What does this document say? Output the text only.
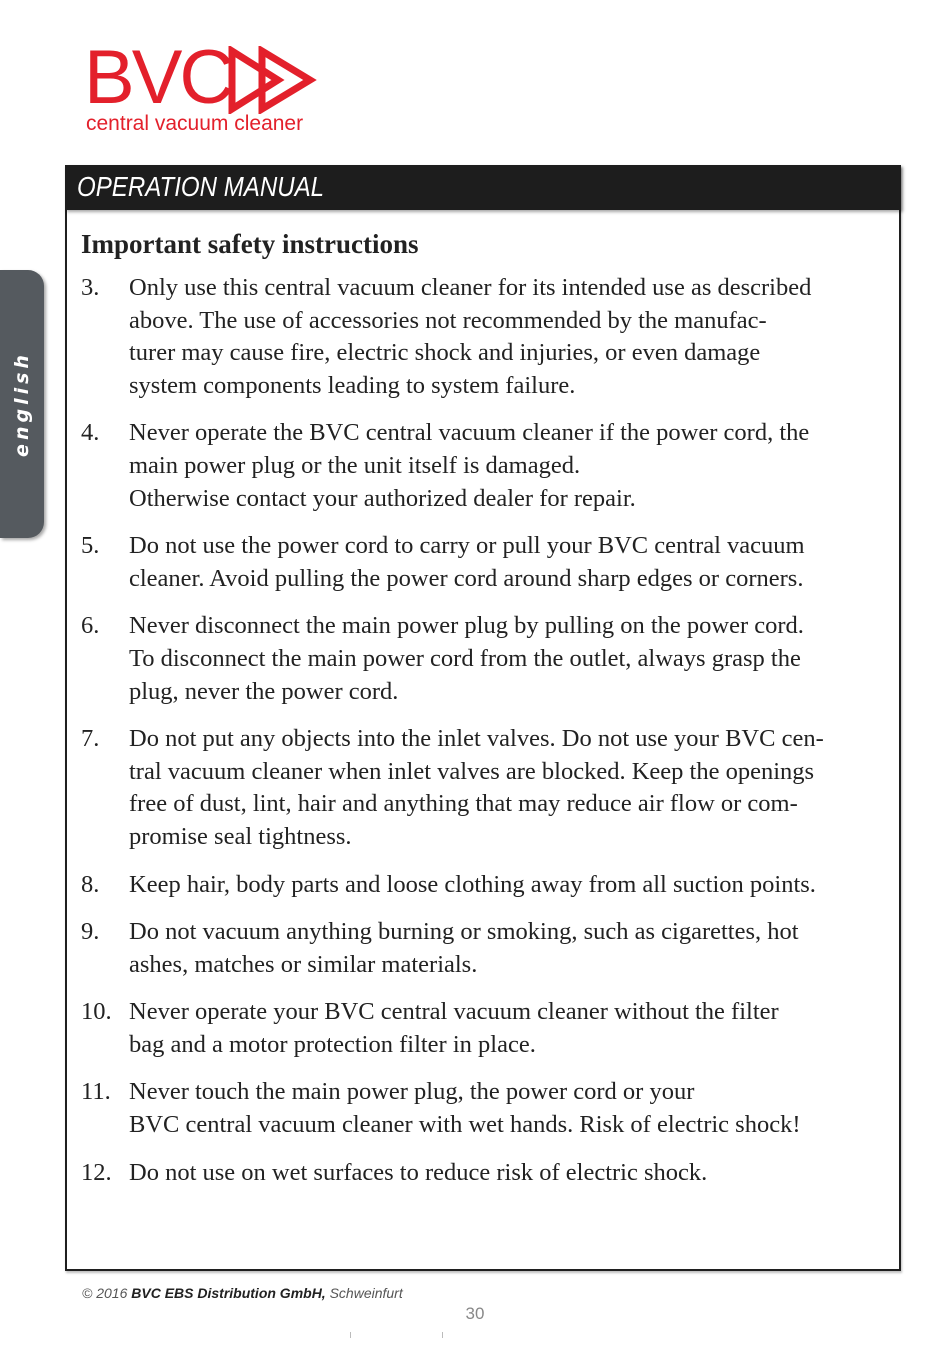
BVC
central vacuum cleaner
english
OPERATION MANUAL
Important safety instructions
3. Only use this central vacuum cleaner for its intended use as described
above. The use of accessories not recommended by the manufac-
turer may cause fire, electric shock and injuries, or even damage
system components leading to system failure.
4. Never operate the BVC central vacuum cleaner if the power cord, the
main power plug or the unit itself is damaged.
Otherwise contact your authorized dealer for repair.
5. Do not use the power cord to carry or pull your BVC central vacuum
cleaner. Avoid pulling the power cord around sharp edges or corners.
6. Never disconnect the main power plug by pulling on the power cord.
To disconnect the main power cord from the outlet, always grasp the
plug, never the power cord.
7. Do not put any objects into the inlet valves. Do not use your BVC cen-
tral vacuum cleaner when inlet valves are blocked. Keep the openings
free of dust, lint, hair and anything that may reduce air flow or com-
promise seal tightness.
8. Keep hair, body parts and loose clothing away from all suction points.
9. Do not vacuum anything burning or smoking, such as cigarettes, hot
ashes, matches or similar materials.
10. Never operate your BVC central vacuum cleaner without the filter
bag and a motor protection filter in place.
11. Never touch the main power plug, the power cord or your
BVC central vacuum cleaner with wet hands. Risk of electric shock!
12. Do not use on wet surfaces to reduce risk of electric shock.
© 2016 BVC EBS Distribution GmbH, Schweinfurt
30
